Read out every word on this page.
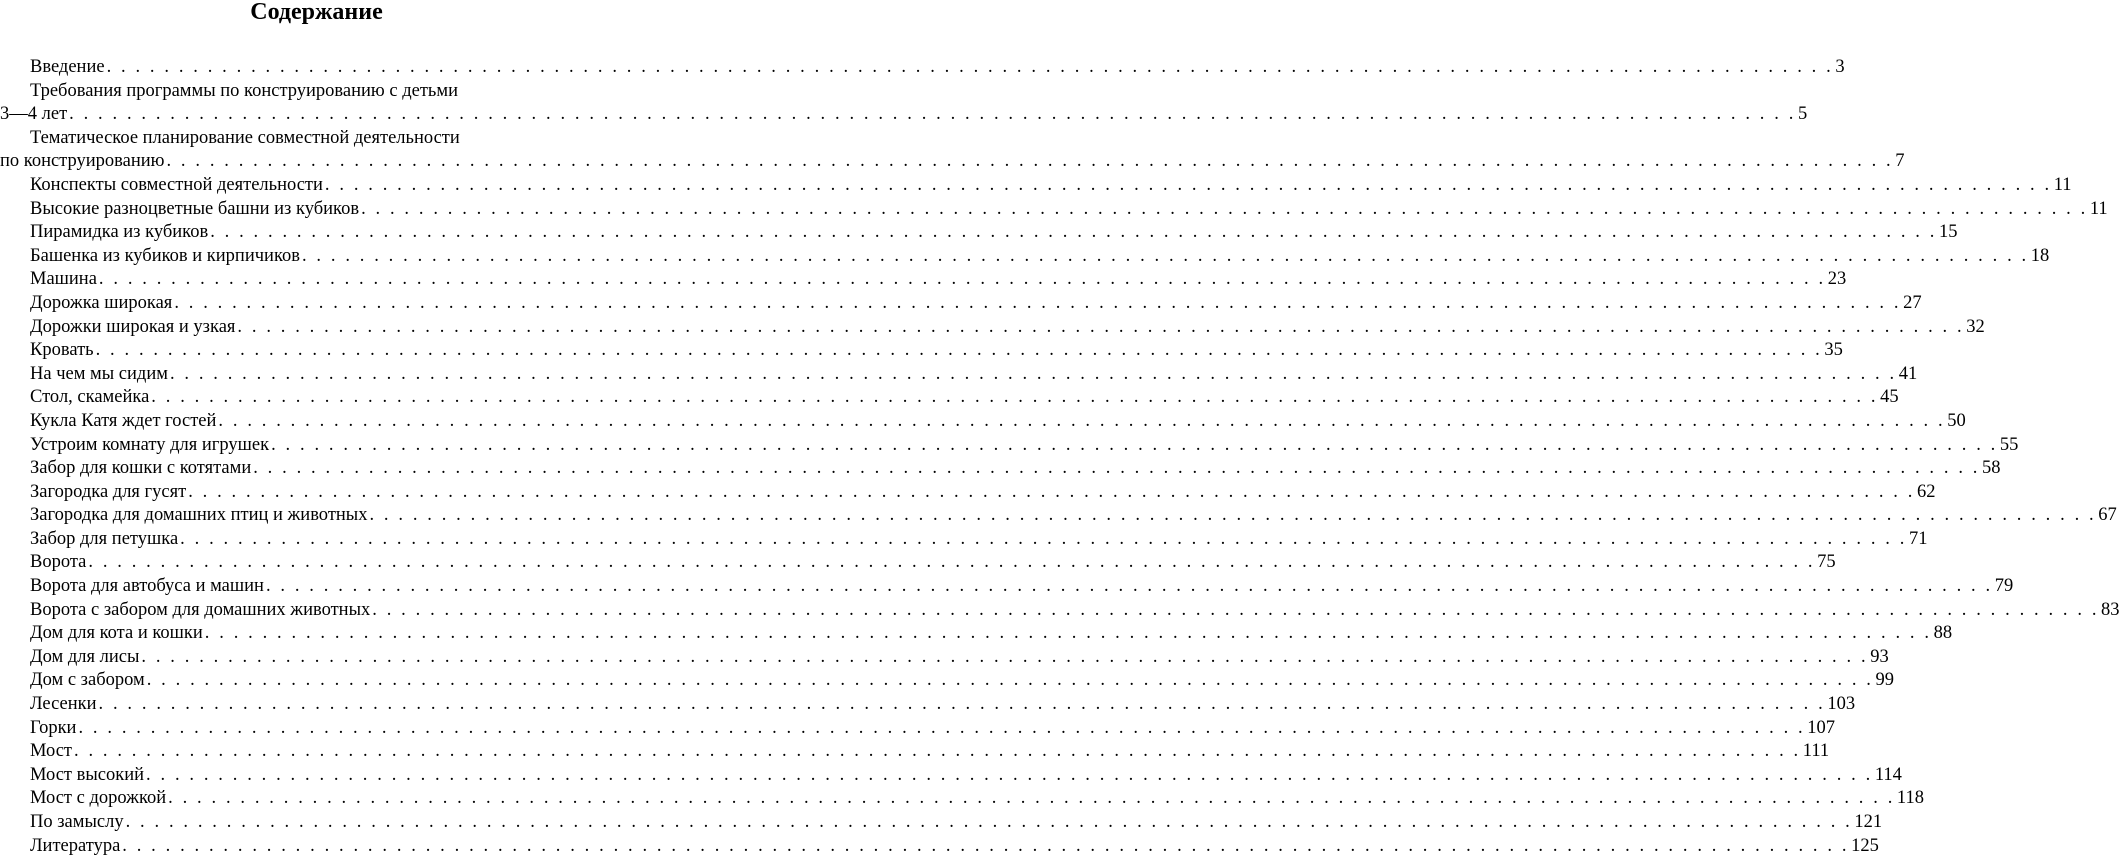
Содержание
Введение . . . . . . . . . . . . . . . . . . . . . . . . . . . . . . . . . . . . . . . . . . . . . . . . . . . . . . . . . . . . . . . . . . . . . . . . . . . . . . . . . . . . . . . . . . . . . . . . . . . . . . . . . . . . . . . . . . . . . . . . 3
Требования программы по конструированию с детьми
3—4 лет . . . . . . . . . . . . . . . . . . . . . . . . . . . . . . . . . . . . . . . . . . . . . . . . . . . . . . . . . . . . . . . . . . . . . . . . . . . . . . . . . . . . . . . . . . . . . . . . . . . . . . . . . . . . . . . . . . . . . . . . 5
Тематическое планирование совместной деятельности
по конструированию . . . . . . . . . . . . . . . . . . . . . . . . . . . . . . . . . . . . . . . . . . . . . . . . . . . . . . . . . . . . . . . . . . . . . . . . . . . . . . . . . . . . . . . . . . . . . . . . . . . . . . . . . . . . . . . . . . . . . . . . 7
Конспекты совместной деятельности . . . . . . . . . . . . . . . . . . . . . . . . . . . . . . . . . . . . . . . . . . . . . . . . . . . . . . . . . . . . . . . . . . . . . . . . . . . . . . . . . . . . . . . . . . . . . . . . . . . . . . . . . . . . . . . . . . . . . . . . 11
Высокие разноцветные башни из кубиков . . . . . . . . . . . . . . . . . . . . . . . . . . . . . . . . . . . . . . . . . . . . . . . . . . . . . . . . . . . . . . . . . . . . . . . . . . . . . . . . . . . . . . . . . . . . . . . . . . . . . . . . . . . . . . . . . . . . . . . . 11
Пирамидка из кубиков . . . . . . . . . . . . . . . . . . . . . . . . . . . . . . . . . . . . . . . . . . . . . . . . . . . . . . . . . . . . . . . . . . . . . . . . . . . . . . . . . . . . . . . . . . . . . . . . . . . . . . . . . . . . . . . . . . . . . . . . 15
Башенка из кубиков и кирпичиков . . . . . . . . . . . . . . . . . . . . . . . . . . . . . . . . . . . . . . . . . . . . . . . . . . . . . . . . . . . . . . . . . . . . . . . . . . . . . . . . . . . . . . . . . . . . . . . . . . . . . . . . . . . . . . . . . . . . . . . . 18
Машина . . . . . . . . . . . . . . . . . . . . . . . . . . . . . . . . . . . . . . . . . . . . . . . . . . . . . . . . . . . . . . . . . . . . . . . . . . . . . . . . . . . . . . . . . . . . . . . . . . . . . . . . . . . . . . . . . . . . . . . . 23
Дорожка широкая . . . . . . . . . . . . . . . . . . . . . . . . . . . . . . . . . . . . . . . . . . . . . . . . . . . . . . . . . . . . . . . . . . . . . . . . . . . . . . . . . . . . . . . . . . . . . . . . . . . . . . . . . . . . . . . . . . . . . . . . 27
Дорожки широкая и узкая . . . . . . . . . . . . . . . . . . . . . . . . . . . . . . . . . . . . . . . . . . . . . . . . . . . . . . . . . . . . . . . . . . . . . . . . . . . . . . . . . . . . . . . . . . . . . . . . . . . . . . . . . . . . . . . . . . . . . . . . 32
Кровать . . . . . . . . . . . . . . . . . . . . . . . . . . . . . . . . . . . . . . . . . . . . . . . . . . . . . . . . . . . . . . . . . . . . . . . . . . . . . . . . . . . . . . . . . . . . . . . . . . . . . . . . . . . . . . . . . . . . . . . . 35
На чем мы сидим . . . . . . . . . . . . . . . . . . . . . . . . . . . . . . . . . . . . . . . . . . . . . . . . . . . . . . . . . . . . . . . . . . . . . . . . . . . . . . . . . . . . . . . . . . . . . . . . . . . . . . . . . . . . . . . . . . . . . . . . 41
Стол, скамейка . . . . . . . . . . . . . . . . . . . . . . . . . . . . . . . . . . . . . . . . . . . . . . . . . . . . . . . . . . . . . . . . . . . . . . . . . . . . . . . . . . . . . . . . . . . . . . . . . . . . . . . . . . . . . . . . . . . . . . . . 45
Кукла Катя ждет гостей . . . . . . . . . . . . . . . . . . . . . . . . . . . . . . . . . . . . . . . . . . . . . . . . . . . . . . . . . . . . . . . . . . . . . . . . . . . . . . . . . . . . . . . . . . . . . . . . . . . . . . . . . . . . . . . . . . . . . . . . 50
Устроим комнату для игрушек . . . . . . . . . . . . . . . . . . . . . . . . . . . . . . . . . . . . . . . . . . . . . . . . . . . . . . . . . . . . . . . . . . . . . . . . . . . . . . . . . . . . . . . . . . . . . . . . . . . . . . . . . . . . . . . . . . . . . . . . 55
Забор для кошки с котятами . . . . . . . . . . . . . . . . . . . . . . . . . . . . . . . . . . . . . . . . . . . . . . . . . . . . . . . . . . . . . . . . . . . . . . . . . . . . . . . . . . . . . . . . . . . . . . . . . . . . . . . . . . . . . . . . . . . . . . . . 58
Загородка для гусят . . . . . . . . . . . . . . . . . . . . . . . . . . . . . . . . . . . . . . . . . . . . . . . . . . . . . . . . . . . . . . . . . . . . . . . . . . . . . . . . . . . . . . . . . . . . . . . . . . . . . . . . . . . . . . . . . . . . . . . . 62
Загородка для домашних птиц и животных . . . . . . . . . . . . . . . . . . . . . . . . . . . . . . . . . . . . . . . . . . . . . . . . . . . . . . . . . . . . . . . . . . . . . . . . . . . . . . . . . . . . . . . . . . . . . . . . . . . . . . . . . . . . . . . . . . . . . . . . 67
Забор для петушка . . . . . . . . . . . . . . . . . . . . . . . . . . . . . . . . . . . . . . . . . . . . . . . . . . . . . . . . . . . . . . . . . . . . . . . . . . . . . . . . . . . . . . . . . . . . . . . . . . . . . . . . . . . . . . . . . . . . . . . . 71
Ворота . . . . . . . . . . . . . . . . . . . . . . . . . . . . . . . . . . . . . . . . . . . . . . . . . . . . . . . . . . . . . . . . . . . . . . . . . . . . . . . . . . . . . . . . . . . . . . . . . . . . . . . . . . . . . . . . . . . . . . . . 75
Ворота для автобуса и машин . . . . . . . . . . . . . . . . . . . . . . . . . . . . . . . . . . . . . . . . . . . . . . . . . . . . . . . . . . . . . . . . . . . . . . . . . . . . . . . . . . . . . . . . . . . . . . . . . . . . . . . . . . . . . . . . . . . . . . . . 79
Ворота с забором для домашних животных . . . . . . . . . . . . . . . . . . . . . . . . . . . . . . . . . . . . . . . . . . . . . . . . . . . . . . . . . . . . . . . . . . . . . . . . . . . . . . . . . . . . . . . . . . . . . . . . . . . . . . . . . . . . . . . . . . . . . . . . 83
Дом для кота и кошки . . . . . . . . . . . . . . . . . . . . . . . . . . . . . . . . . . . . . . . . . . . . . . . . . . . . . . . . . . . . . . . . . . . . . . . . . . . . . . . . . . . . . . . . . . . . . . . . . . . . . . . . . . . . . . . . . . . . . . . . 88
Дом для лисы . . . . . . . . . . . . . . . . . . . . . . . . . . . . . . . . . . . . . . . . . . . . . . . . . . . . . . . . . . . . . . . . . . . . . . . . . . . . . . . . . . . . . . . . . . . . . . . . . . . . . . . . . . . . . . . . . . . . . . . . 93
Дом с забором . . . . . . . . . . . . . . . . . . . . . . . . . . . . . . . . . . . . . . . . . . . . . . . . . . . . . . . . . . . . . . . . . . . . . . . . . . . . . . . . . . . . . . . . . . . . . . . . . . . . . . . . . . . . . . . . . . . . . . . . 99
Лесенки . . . . . . . . . . . . . . . . . . . . . . . . . . . . . . . . . . . . . . . . . . . . . . . . . . . . . . . . . . . . . . . . . . . . . . . . . . . . . . . . . . . . . . . . . . . . . . . . . . . . . . . . . . . . . . . . . . . . . . . . 103
Горки . . . . . . . . . . . . . . . . . . . . . . . . . . . . . . . . . . . . . . . . . . . . . . . . . . . . . . . . . . . . . . . . . . . . . . . . . . . . . . . . . . . . . . . . . . . . . . . . . . . . . . . . . . . . . . . . . . . . . . . . 107
Мост . . . . . . . . . . . . . . . . . . . . . . . . . . . . . . . . . . . . . . . . . . . . . . . . . . . . . . . . . . . . . . . . . . . . . . . . . . . . . . . . . . . . . . . . . . . . . . . . . . . . . . . . . . . . . . . . . . . . . . . . 111
Мост высокий . . . . . . . . . . . . . . . . . . . . . . . . . . . . . . . . . . . . . . . . . . . . . . . . . . . . . . . . . . . . . . . . . . . . . . . . . . . . . . . . . . . . . . . . . . . . . . . . . . . . . . . . . . . . . . . . . . . . . . . . 114
Мост с дорожкой . . . . . . . . . . . . . . . . . . . . . . . . . . . . . . . . . . . . . . . . . . . . . . . . . . . . . . . . . . . . . . . . . . . . . . . . . . . . . . . . . . . . . . . . . . . . . . . . . . . . . . . . . . . . . . . . . . . . . . . . 118
По замыслу . . . . . . . . . . . . . . . . . . . . . . . . . . . . . . . . . . . . . . . . . . . . . . . . . . . . . . . . . . . . . . . . . . . . . . . . . . . . . . . . . . . . . . . . . . . . . . . . . . . . . . . . . . . . . . . . . . . . . . . . 121
Литература . . . . . . . . . . . . . . . . . . . . . . . . . . . . . . . . . . . . . . . . . . . . . . . . . . . . . . . . . . . . . . . . . . . . . . . . . . . . . . . . . . . . . . . . . . . . . . . . . . . . . . . . . . . . . . . . . . . . . . . . 125
